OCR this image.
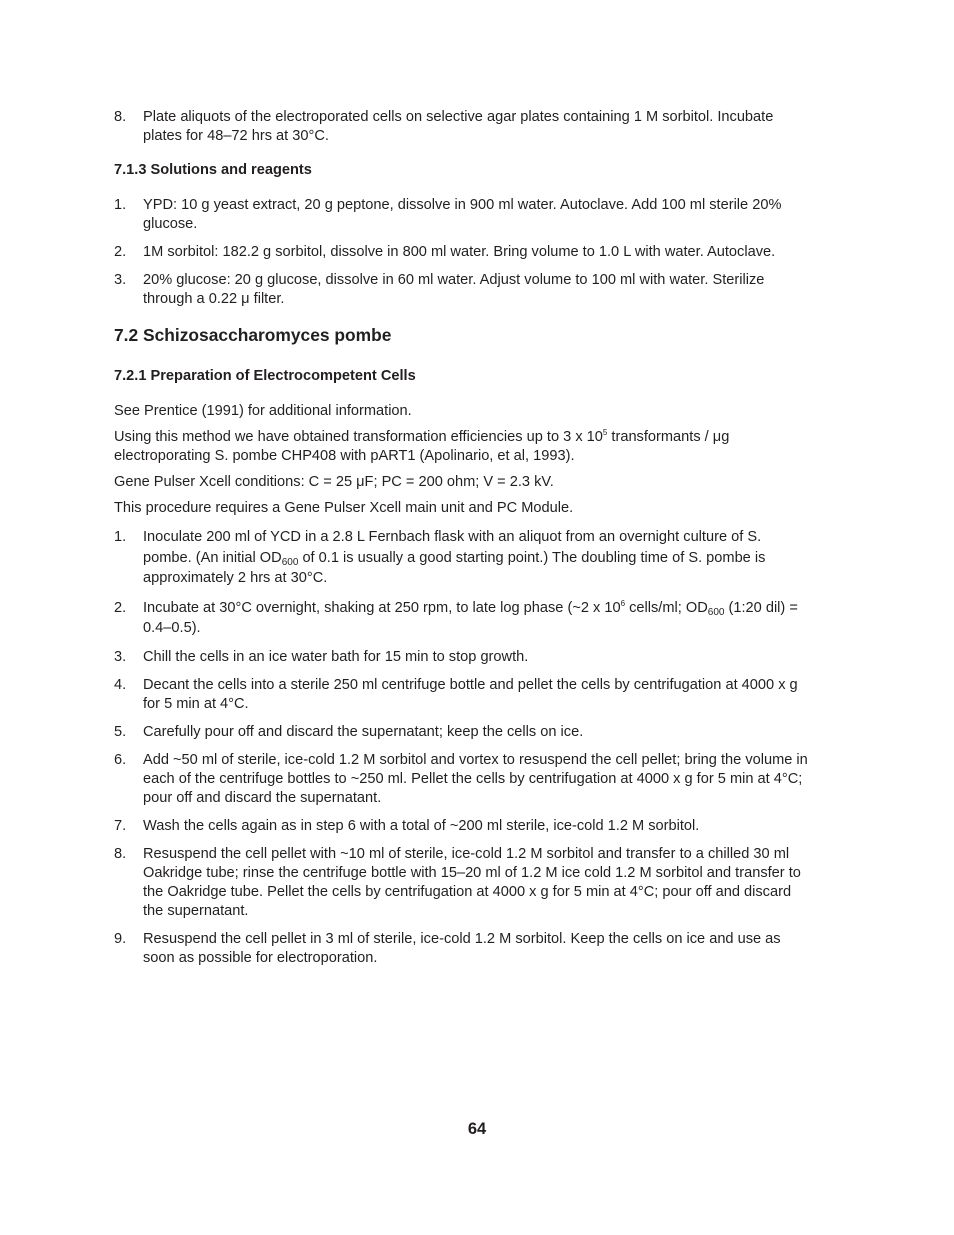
8. Plate aliquots of the electroporated cells on selective agar plates containing 1 M sorbitol. Incubate plates for 48–72 hrs at 30°C.
7.1.3 Solutions and reagents
1. YPD: 10 g yeast extract, 20 g peptone, dissolve in 900 ml water. Autoclave. Add 100 ml sterile 20% glucose.
2. 1M sorbitol: 182.2 g sorbitol, dissolve in 800 ml water. Bring volume to 1.0 L with water. Autoclave.
3. 20% glucose: 20 g glucose, dissolve in 60 ml water. Adjust volume to 100 ml with water. Sterilize through a 0.22 μ filter.
7.2 Schizosaccharomyces pombe
7.2.1 Preparation of Electrocompetent Cells
See Prentice (1991) for additional information.
Using this method we have obtained transformation efficiencies up to 3 x $10^5$ transformants / μg electroporating S. pombe CHP408 with pART1 (Apolinario, et al, 1993).
Gene Pulser Xcell conditions: C = 25 μF; PC = 200 ohm; V = 2.3 kV.
This procedure requires a Gene Pulser Xcell main unit and PC Module.
1. Inoculate 200 ml of YCD in a 2.8 L Fernbach flask with an aliquot from an overnight culture of S. pombe. (An initial $OD_{600}$ of 0.1 is usually a good starting point.) The doubling time of S. pombe is approximately 2 hrs at 30°C.
2. Incubate at 30°C overnight, shaking at 250 rpm, to late log phase (~2 x $10^6$ cells/ml; $OD_{600}$ (1:20 dil) = 0.4–0.5).
3. Chill the cells in an ice water bath for 15 min to stop growth.
4. Decant the cells into a sterile 250 ml centrifuge bottle and pellet the cells by centrifugation at 4000 x g for 5 min at 4°C.
5. Carefully pour off and discard the supernatant; keep the cells on ice.
6. Add ~50 ml of sterile, ice-cold 1.2 M sorbitol and vortex to resuspend the cell pellet; bring the volume in each of the centrifuge bottles to ~250 ml. Pellet the cells by centrifugation at 4000 x g for 5 min at 4°C; pour off and discard the supernatant.
7. Wash the cells again as in step 6 with a total of ~200 ml sterile, ice-cold 1.2 M sorbitol.
8. Resuspend the cell pellet with ~10 ml of sterile, ice-cold 1.2 M sorbitol and transfer to a chilled 30 ml Oakridge tube; rinse the centrifuge bottle with 15–20 ml of 1.2 M ice cold 1.2 M sorbitol and transfer to the Oakridge tube. Pellet the cells by centrifugation at 4000 x g for 5 min at 4°C; pour off and discard the supernatant.
9. Resuspend the cell pellet in 3 ml of sterile, ice-cold 1.2 M sorbitol. Keep the cells on ice and use as soon as possible for electroporation.
64
